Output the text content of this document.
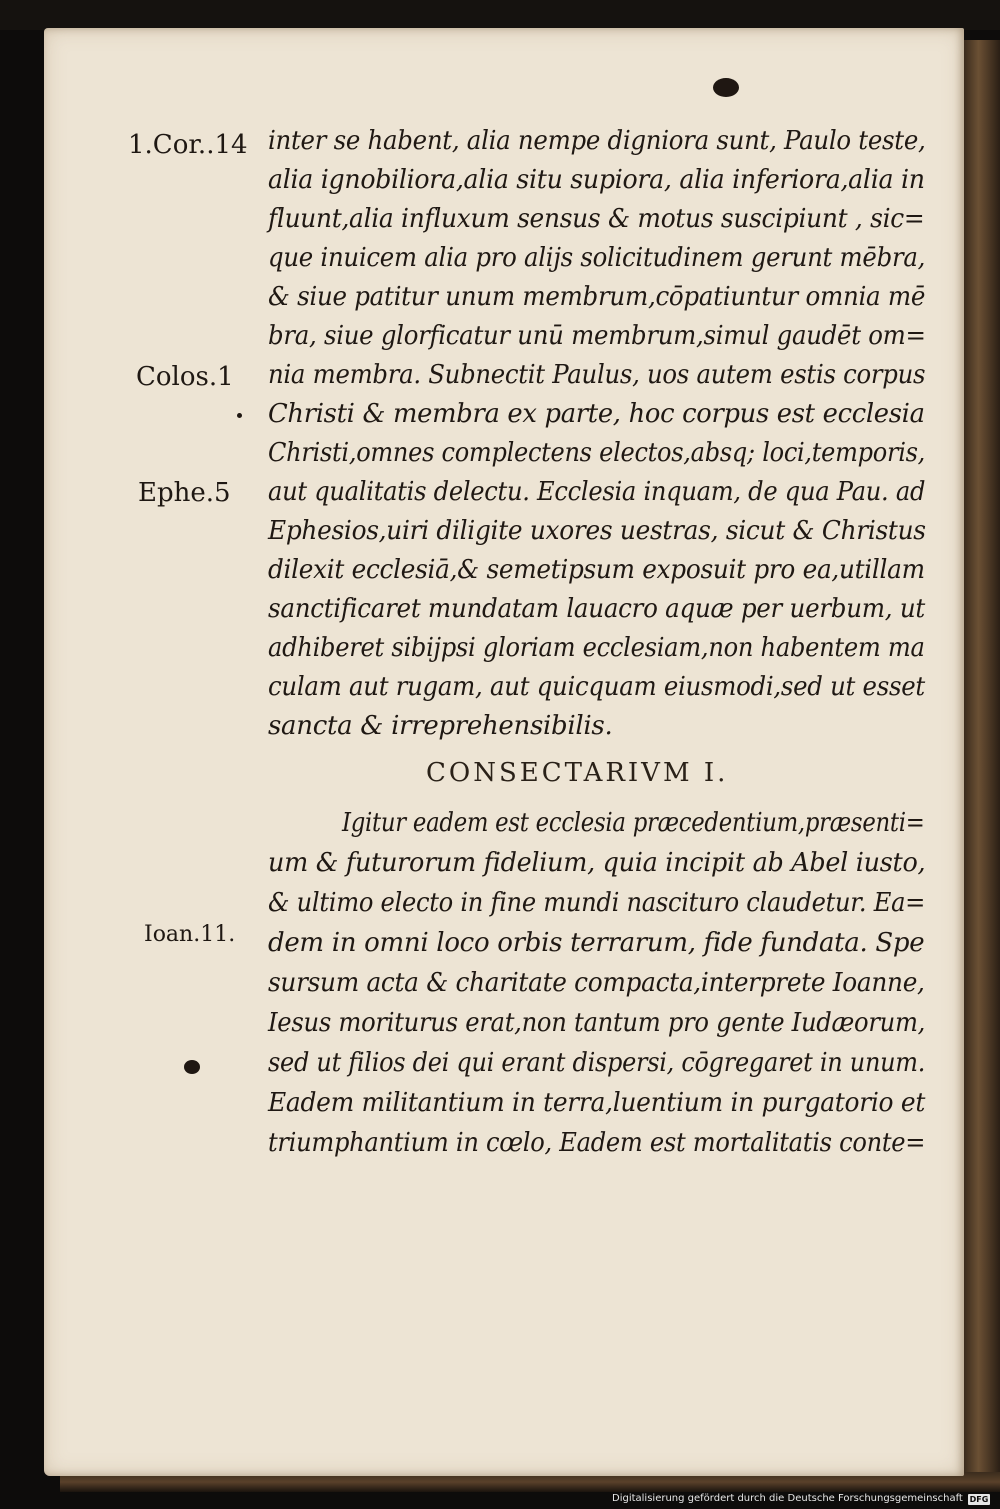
1.Cor..14
Colos.1
Ephe.5
Ioan.11.
inter se habent, alia nempe digniora sunt, Paulo teste,
alia ignobiliora,alia situ supiora, alia inferiora,alia in
fluunt,alia influxum sensus & motus suscipiunt , sic=
que inuicem alia pro alijs solicitudinem gerunt mēbra,
& siue patitur unum membrum,cōpatiuntur omnia mē
bra, siue glorficatur unū membrum,simul gaudēt om=
nia membra. Subnectit Paulus, uos autem estis corpus
Christi & membra ex parte, hoc corpus est ecclesia
Christi,omnes complectens electos,absq; loci,temporis,
aut qualitatis delectu. Ecclesia inquam, de qua Pau. ad
Ephesios,uiri diligite uxores uestras, sicut & Christus
dilexit ecclesiā,& semetipsum exposuit pro ea,utillam
sanctificaret mundatam lauacro aquæ per uerbum, ut
adhiberet sibijpsi gloriam ecclesiam,non habentem ma
culam aut rugam, aut quicquam eiusmodi,sed ut esset
sancta & irreprehensibilis.
CONSECTARIVM I.
Igitur eadem est ecclesia præcedentium,præsenti=
um & futurorum fidelium, quia incipit ab Abel iusto,
& ultimo electo in fine mundi nascituro claudetur. Ea=
dem in omni loco orbis terrarum, fide fundata. Spe
sursum acta & charitate compacta,interprete Ioanne,
Iesus moriturus erat,non tantum pro gente Iudæorum,
sed ut filios dei qui erant dispersi, cōgregaret in unum.
Eadem militantium in terra,luentium in purgatorio et
triumphantium in cœlo, Eadem est mortalitatis conte=
Digitalisierung gefördert durch die Deutsche Forschungsgemeinschaft DFG
